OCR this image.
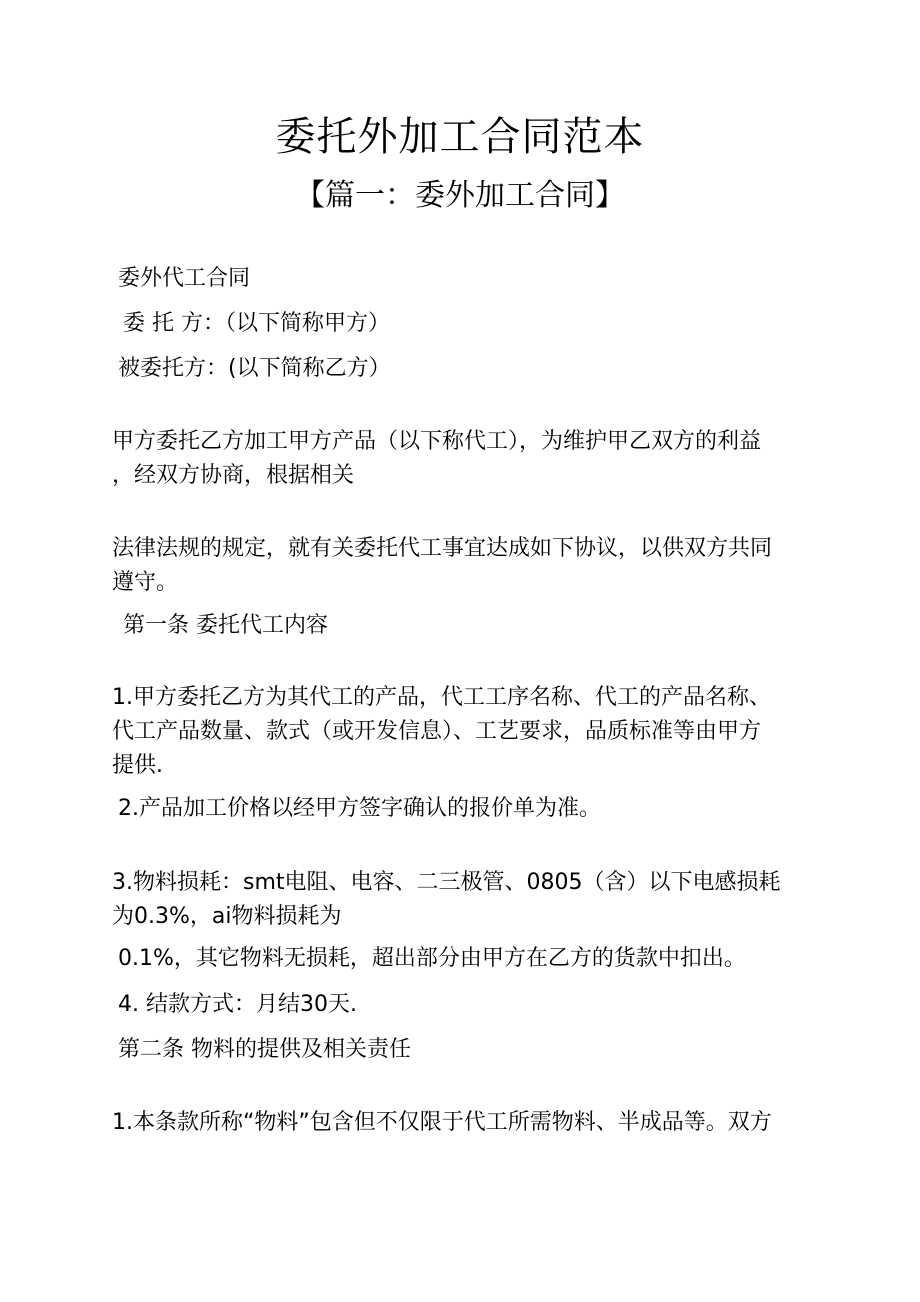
委托外加工合同范本
【篇一：委外加工合同】
委外代工合同
委 托 方：（以下简称甲方）
被委托方：(以下简称乙方）
甲方委托乙方加工甲方产品（以下称代工），为维护甲乙双方的利益
，经双方协商，根据相关
法律法规的规定，就有关委托代工事宜达成如下协议，以供双方共同
遵守。
第一条 委托代工内容
1.甲方委托乙方为其代工的产品，代工工序名称、代工的产品名称、
代工产品数量、款式（或开发信息）、工艺要求，品质标准等由甲方
提供.
2.产品加工价格以经甲方签字确认的报价单为准。
3.物料损耗：smt电阻、电容、二三极管、0805（含）以下电感损耗
为0.3%，ai物料损耗为
0.1%，其它物料无损耗，超出部分由甲方在乙方的货款中扣出。
4. 结款方式：月结30天.
第二条 物料的提供及相关责任
1.本条款所称“物料”包含但不仅限于代工所需物料、半成品等。双方
